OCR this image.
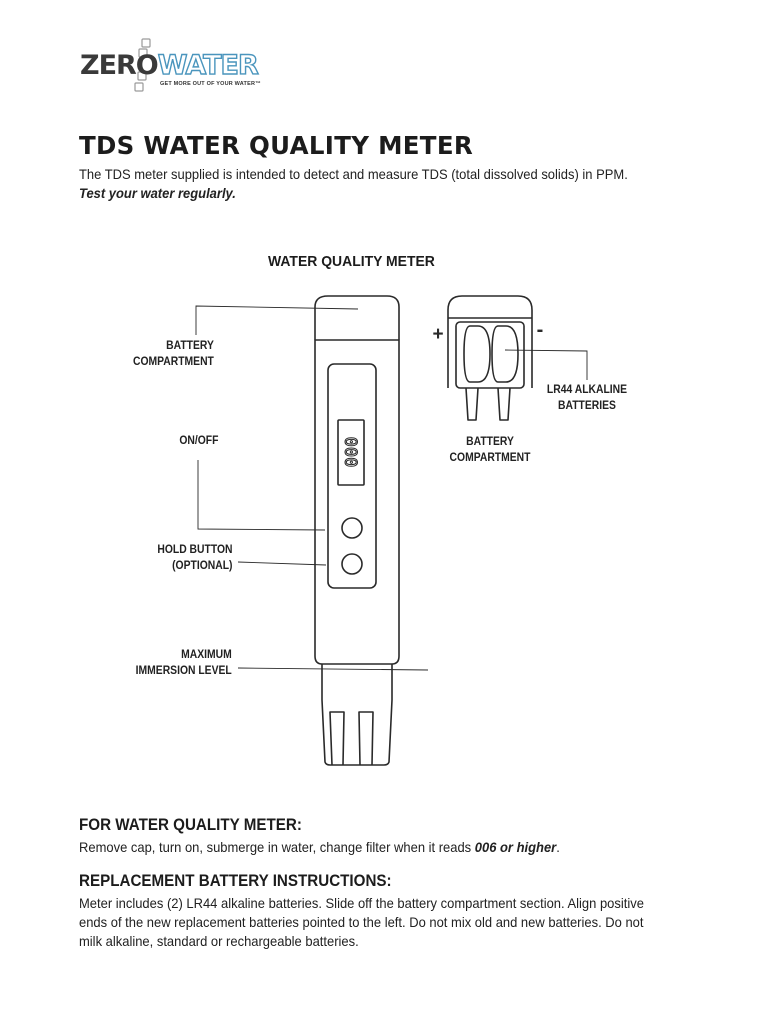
ZEROWATER
GET MORE OUT OF YOUR WATER™
TDS WATER QUALITY METER
The TDS meter supplied is intended to detect and measure TDS (total dissolved solids) in PPM.
Test your water regularly.
WATER QUALITY METER
000
+	-
BATTERY
COMPARTMENT
ON/OFF
HOLD BUTTON
(OPTIONAL)
MAXIMUM
IMMERSION LEVEL
LR44 ALKALINE
BATTERIES
BATTERY
COMPARTMENT
FOR WATER QUALITY METER:
Remove cap, turn on, submerge in water, change filter when it reads 006 or higher.
REPLACEMENT BATTERY INSTRUCTIONS:
Meter includes (2) LR44 alkaline batteries. Slide off the battery compartment section. Align positive
ends of the new replacement batteries pointed to the left. Do not mix old and new batteries. Do not
milk alkaline, standard or rechargeable batteries.
